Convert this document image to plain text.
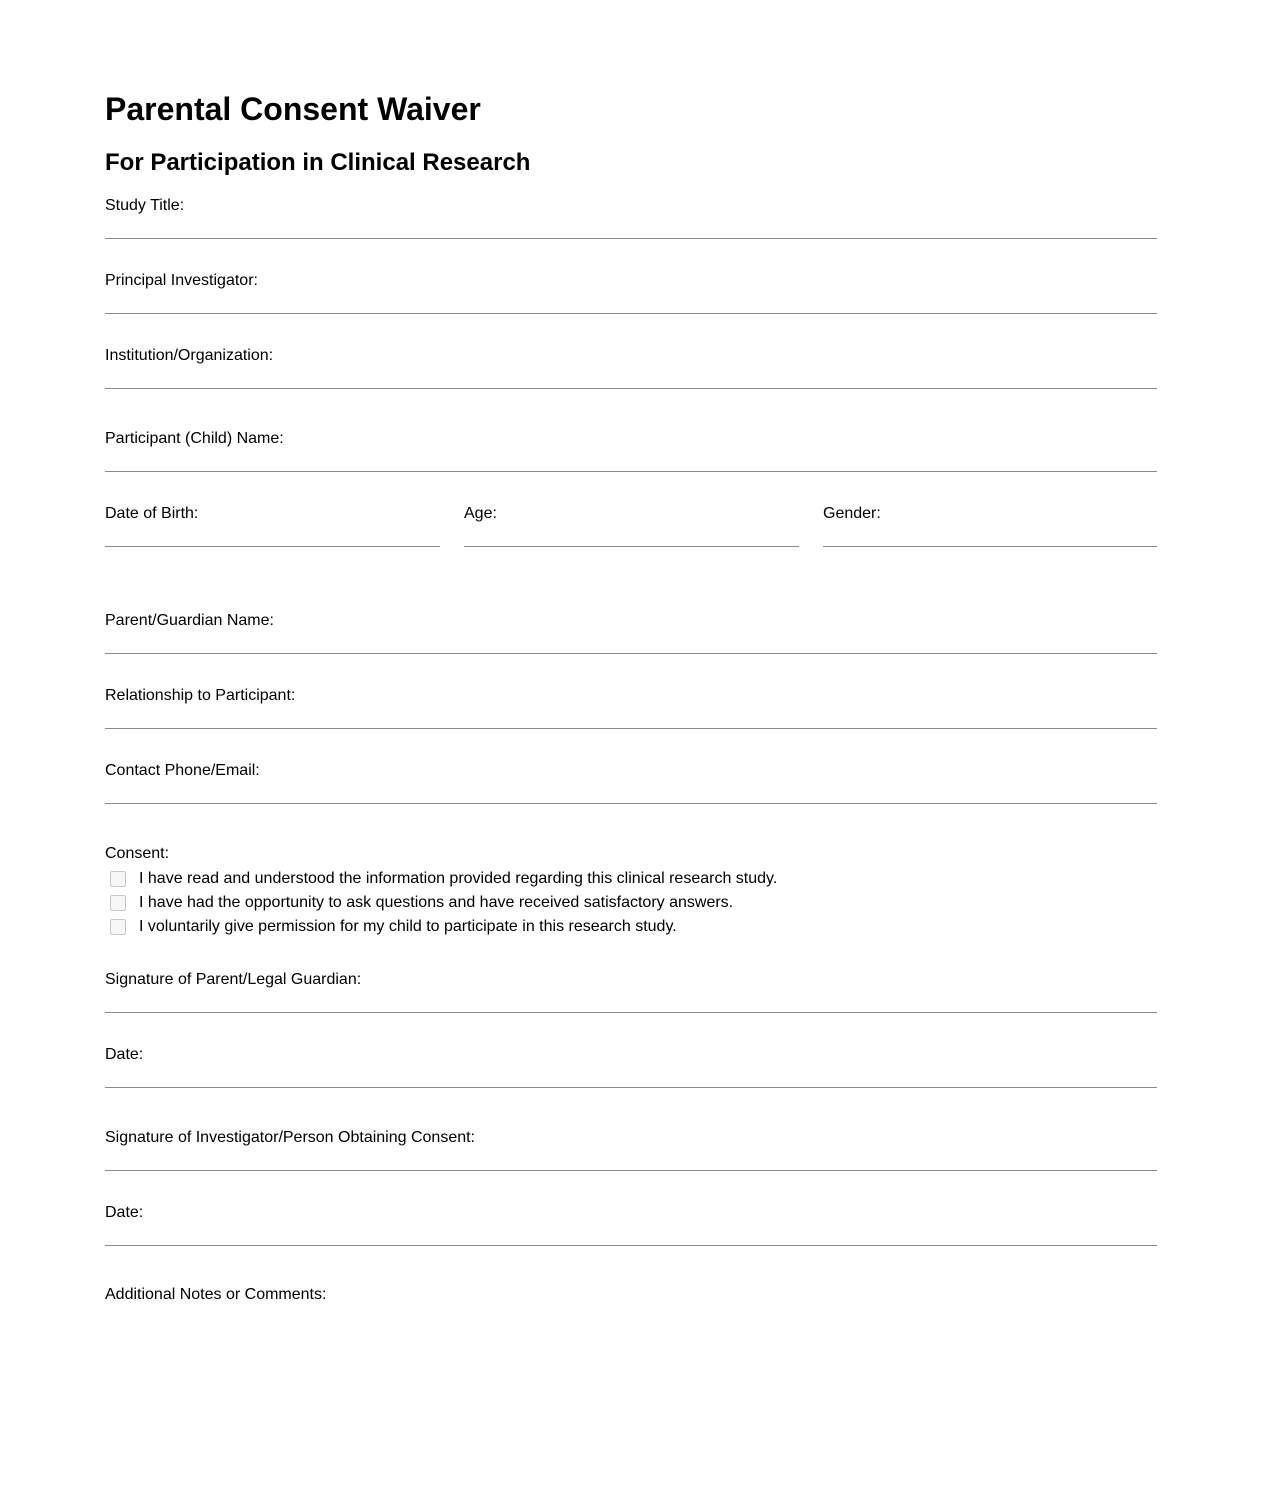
Parental Consent Waiver
For Participation in Clinical Research
Study Title:
Principal Investigator:
Institution/Organization:
Participant (Child) Name:
Date of Birth:	Age:	Gender:
Parent/Guardian Name:
Relationship to Participant:
Contact Phone/Email:
Consent:
I have read and understood the information provided regarding this clinical research study.
I have had the opportunity to ask questions and have received satisfactory answers.
I voluntarily give permission for my child to participate in this research study.
Signature of Parent/Legal Guardian:
Date:
Signature of Investigator/Person Obtaining Consent:
Date:
Additional Notes or Comments:
